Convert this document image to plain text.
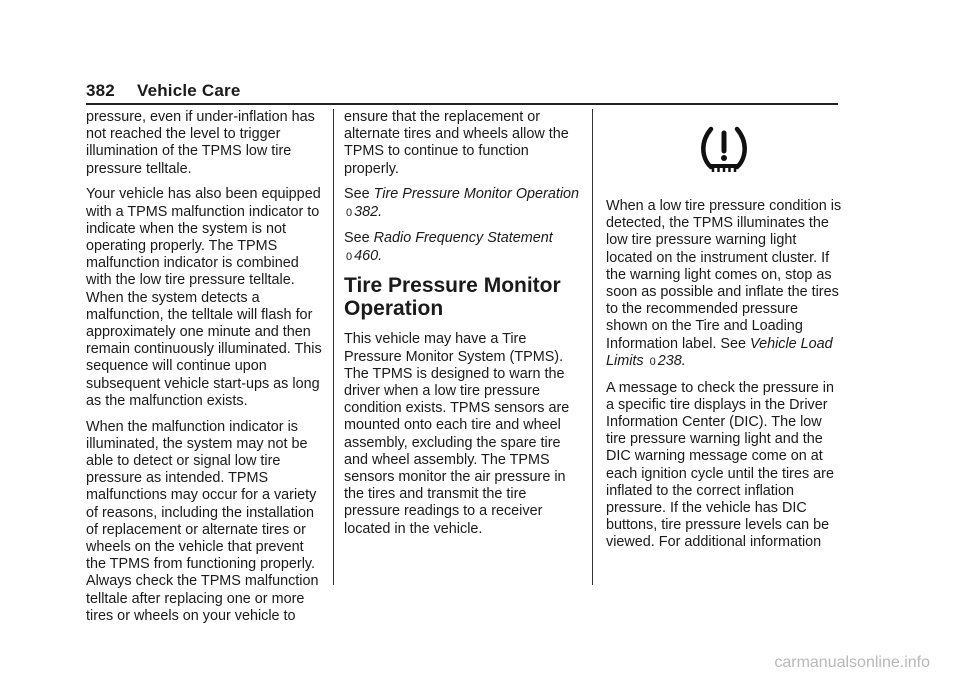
382 Vehicle Care

pressure, even if under-inflation has not reached the level to trigger illumination of the TPMS low tire pressure telltale.

Your vehicle has also been equipped with a TPMS malfunction indicator to indicate when the system is not operating properly. The TPMS malfunction indicator is combined with the low tire pressure telltale. When the system detects a malfunction, the telltale will flash for approximately one minute and then remain continuously illuminated. This sequence will continue upon subsequent vehicle start-ups as long as the malfunction exists.

When the malfunction indicator is illuminated, the system may not be able to detect or signal low tire pressure as intended. TPMS malfunctions may occur for a variety of reasons, including the installation of replacement or alternate tires or wheels on the vehicle that prevent the TPMS from functioning properly. Always check the TPMS malfunction telltale after replacing one or more tires or wheels on your vehicle to

ensure that the replacement or alternate tires and wheels allow the TPMS to continue to function properly.

See Tire Pressure Monitor Operation 0 382.

See Radio Frequency Statement 0 460.

Tire Pressure Monitor Operation

This vehicle may have a Tire Pressure Monitor System (TPMS). The TPMS is designed to warn the driver when a low tire pressure condition exists. TPMS sensors are mounted onto each tire and wheel assembly, excluding the spare tire and wheel assembly. The TPMS sensors monitor the air pressure in the tires and transmit the tire pressure readings to a receiver located in the vehicle.

When a low tire pressure condition is detected, the TPMS illuminates the low tire pressure warning light located on the instrument cluster. If the warning light comes on, stop as soon as possible and inflate the tires to the recommended pressure shown on the Tire and Loading Information label. See Vehicle Load Limits 0 238.

A message to check the pressure in a specific tire displays in the Driver Information Center (DIC). The low tire pressure warning light and the DIC warning message come on at each ignition cycle until the tires are inflated to the correct inflation pressure. If the vehicle has DIC buttons, tire pressure levels can be viewed. For additional information

carmanualsonline.info
